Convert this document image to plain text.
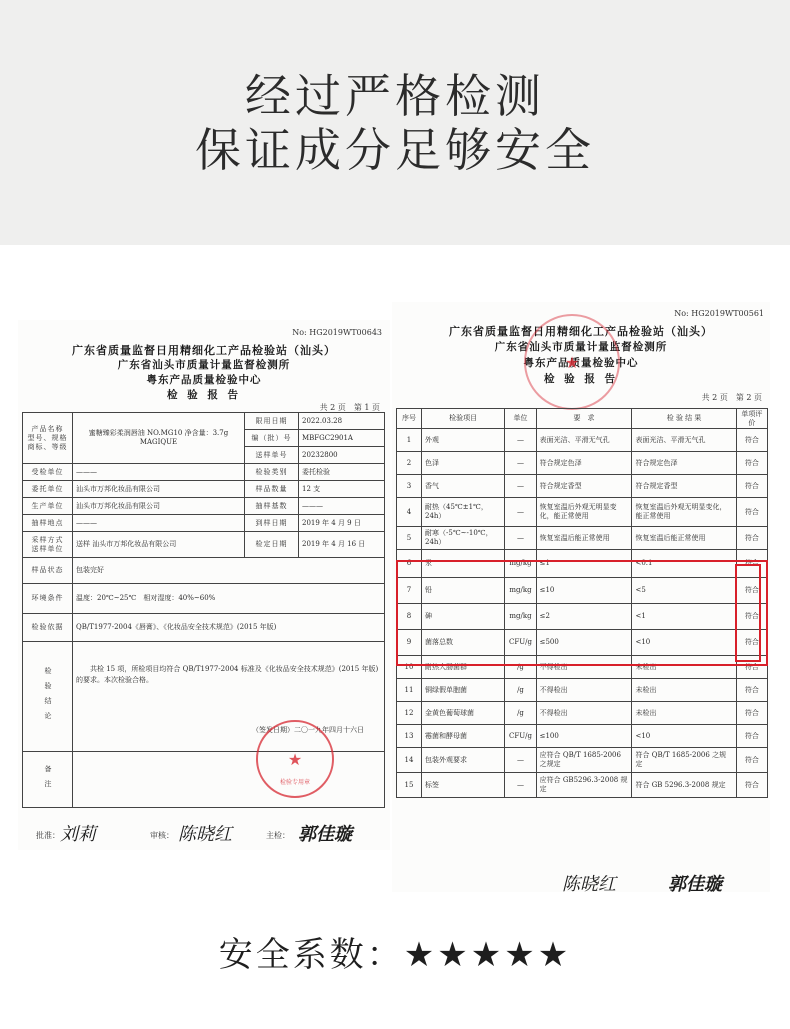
经过严格检测
保证成分足够安全
No: HG2019WT00643
广东省质量监督日用精细化工产品检验站（汕头）
广东省汕头市质量计量监督检测所
粤东产品质量检验中心
检 验 报 告
共 2 页　第 1 页
产品名称 型号、规格 商标、等级	蜜糖臻彩柔润唇油 NO.MG10 净含量：3.7g MAGIQUE	限用日期	2022.03.28
		编（批）号	MBFGC2901A
		送样单号	20232800
受检单位	———	检验类别	委托检验
委托单位	汕头市万邦化妆品有限公司	样品数量	12 支
生产单位	汕头市万邦化妆品有限公司	抽样基数	———
抽样地点	———	到样日期	2019 年 4 月 9 日
采样方式 送样单位	送样 汕头市万邦化妆品有限公司	检定日期	2019 年 4 月 16 日
样品状态	包装完好		
环境条件	温度：20℃~25℃　相对湿度：40%~60%		
检验依据	QB/T1977-2004《唇膏》、《化妆品安全技术规范》(2015 年版)		
检验结论	共检 15 项，所检项目均符合 QB/T1977-2004 标准及《化妆品安全技术规范》(2015 年版) 的要求。本次检验合格。
（签发日期）二〇一九年四月十六日		

备注				检验专用章
★
批准： 刘莉	审核： 陈晓红	主检： 郭佳璇
No: HG2019WT00561
广东省质量监督日用精细化工产品检验站（汕头）
广东省汕头市质量计量监督检测所
粤东产品质量检验中心
检 验 报 告
共 2 页　第 2 页
★
序号	检验项目	单位	要　求	检 验 结 果	单项评价
1	外观	—	表面光洁、平滑无气孔	表面光洁、平滑无气孔	符合
2	色泽	—	符合规定色泽	符合规定色泽	符合
3	香气	—	符合规定香型	符合规定香型	符合
4	耐热（45℃±1℃，24h）	—	恢复室温后外观无明显变化，能正常使用	恢复室温后外观无明显变化，能正常使用	符合
5	耐寒（-5℃~-10℃，24h）	—	恢复室温后能正常使用	恢复室温后能正常使用	符合
6	汞	mg/kg	≤1	<0.1	符合
7	铅	mg/kg	≤10	<5	符合
8	砷	mg/kg	≤2	<1	符合
9	菌落总数	CFU/g	≤500	<10	符合
10	耐热大肠菌群	/g	不得检出	未检出	符合
11	铜绿假单胞菌	/g	不得检出	未检出	符合
12	金黄色葡萄球菌	/g	不得检出	未检出	符合
13	霉菌和酵母菌	CFU/g	≤100	<10	符合
14	包装外观要求	—	应符合 QB/T 1685-2006 之规定	符合 QB/T 1685-2006 之规定	符合
15	标签	—	应符合 GB5296.3-2008 规定	符合 GB 5296.3-2008 规定	符合
陈晓红	郭佳璇
安全系数：★★★★★
